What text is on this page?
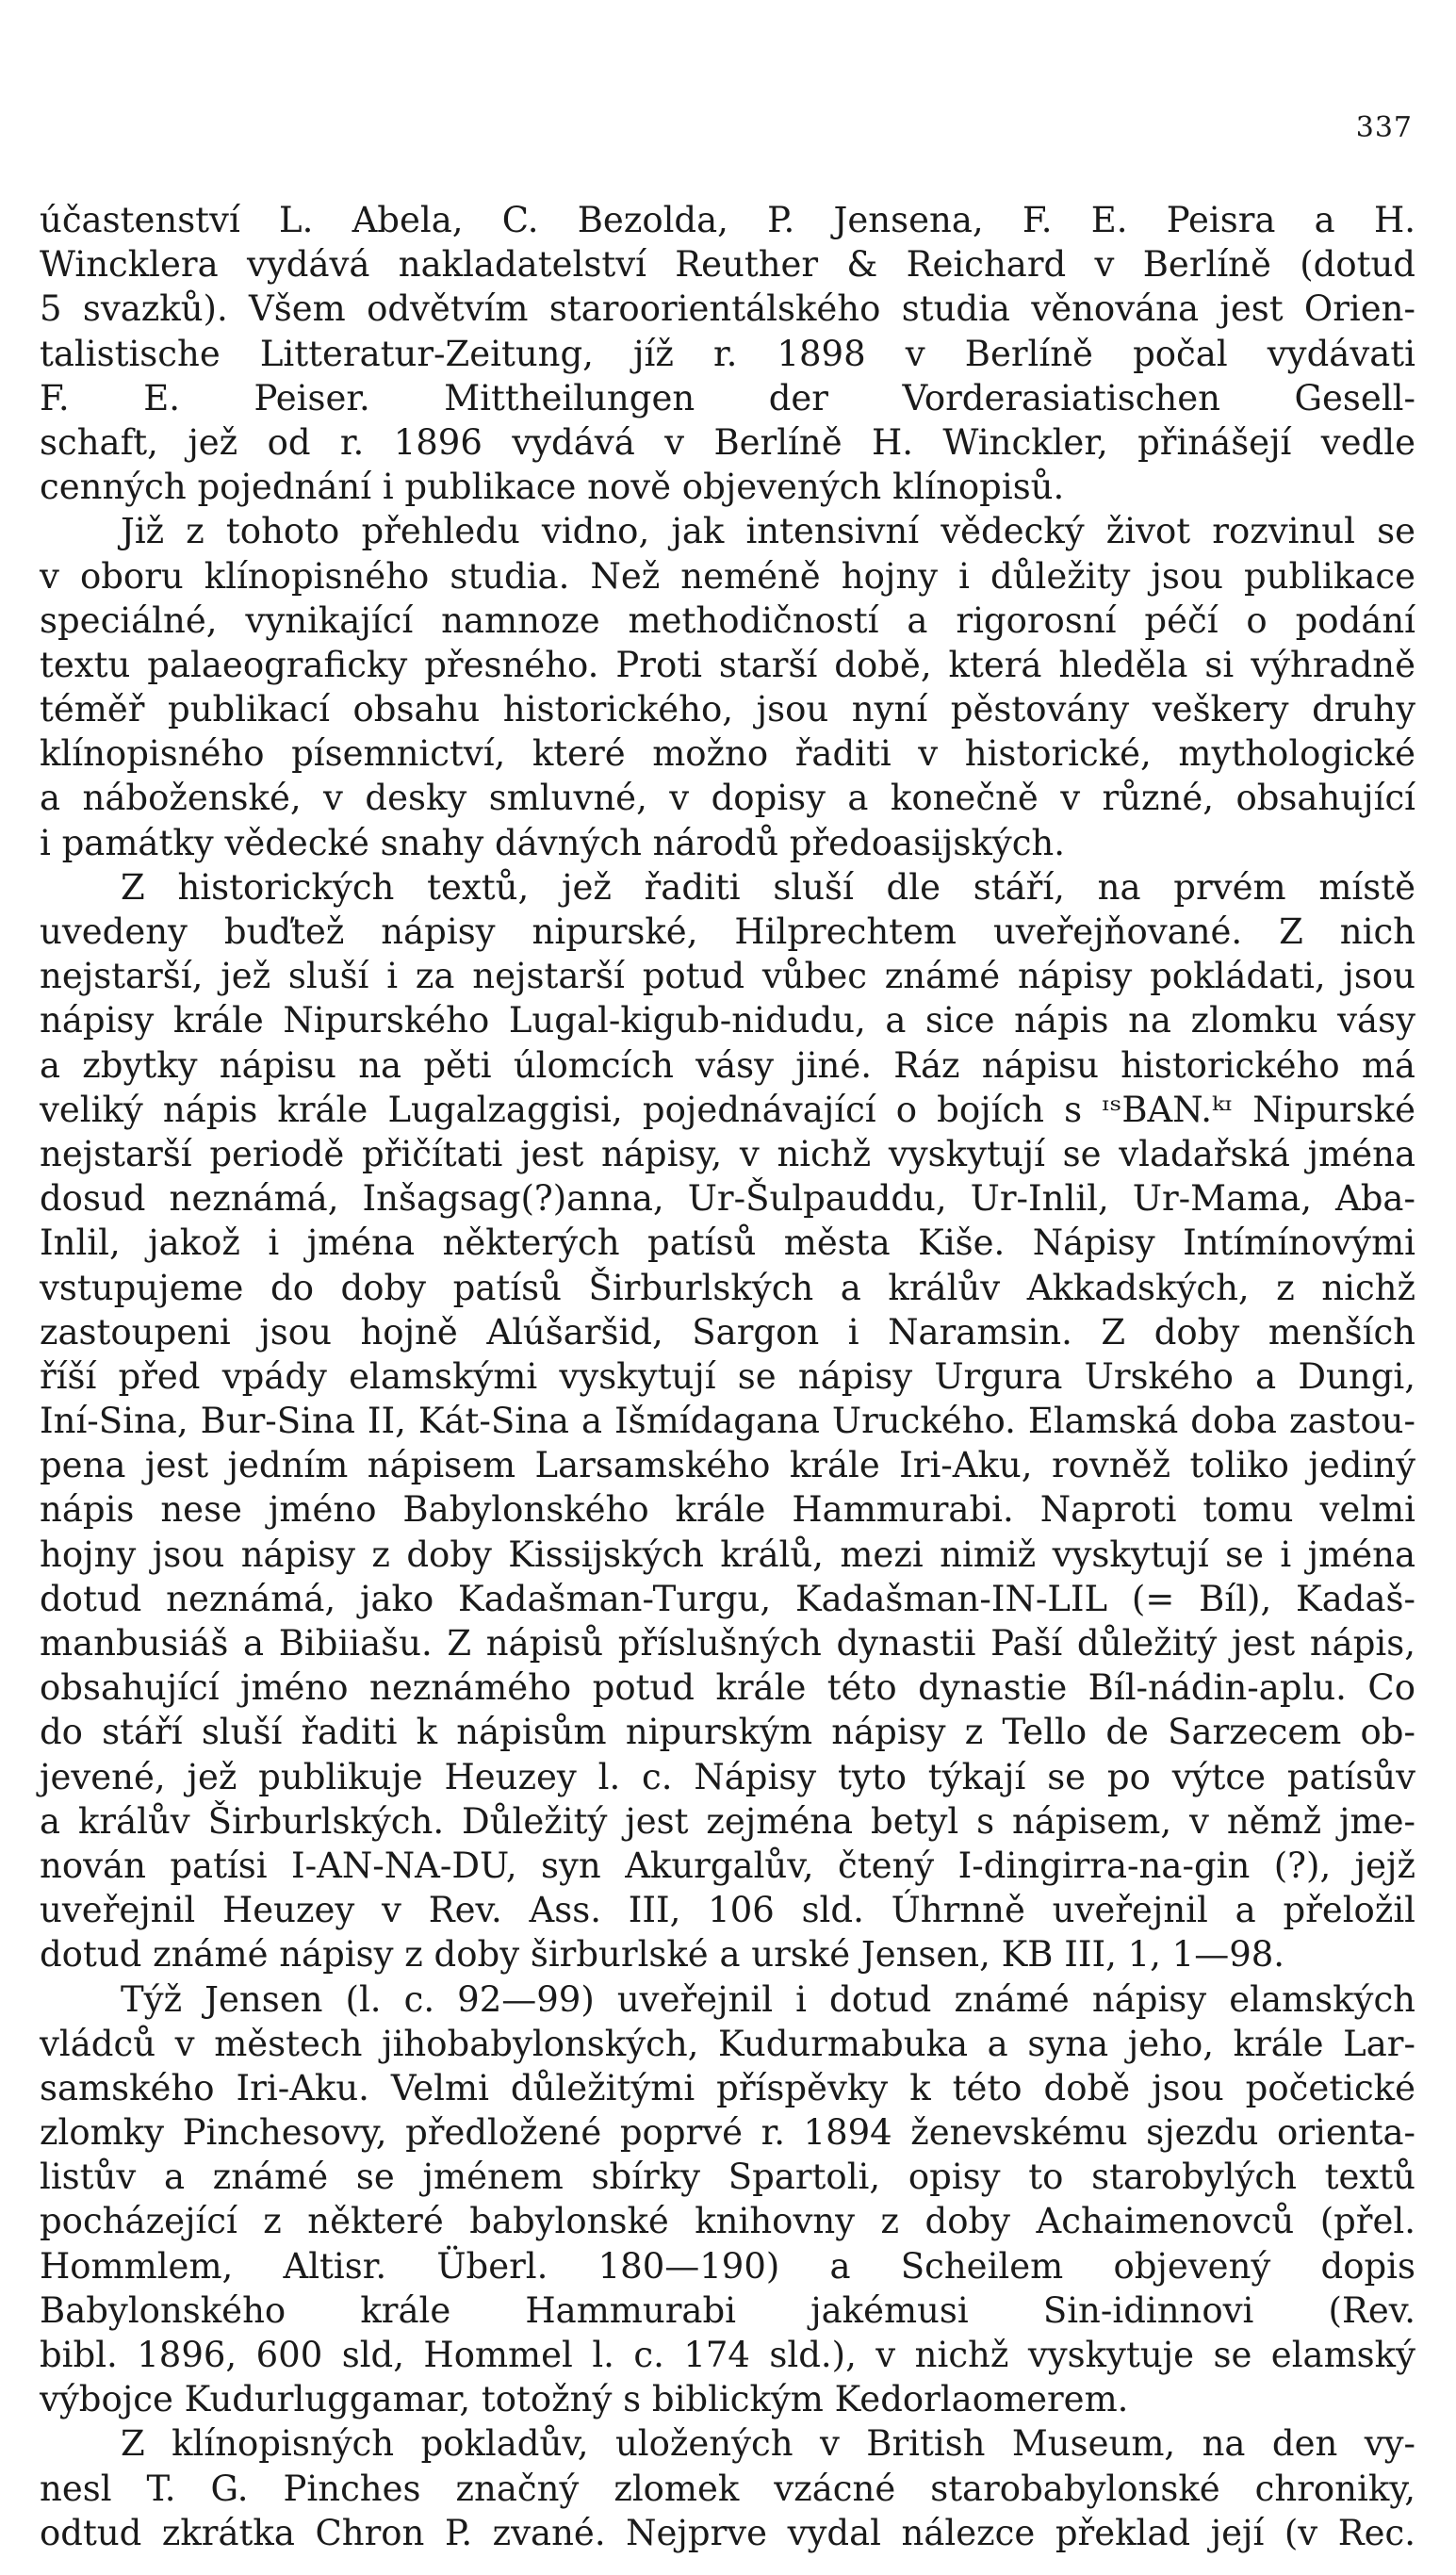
337
účastenství L. Abela, C. Bezolda, P. Jensena, F. E. Peisra a H.
Wincklera vydává nakladatelství Reuther & Reichard v Berlíně (dotud
5 svazků). Všem odvětvím staroorientálského studia věnována jest Orien-
talistische Litteratur-Zeitung, jíž r. 1898 v Berlíně počal vydávati
F. E. Peiser. Mittheilungen der Vorderasiatischen Gesell-
schaft, jež od r. 1896 vydává v Berlíně H. Winckler, přinášejí vedle
cenných pojednání i publikace nově objevených klínopisů.
Již z tohoto přehledu vidno, jak intensivní vědecký život rozvinul se
v oboru klínopisného studia. Než neméně hojny i důležity jsou publikace
speciálné, vynikající namnoze methodičností a rigorosní péčí o podání
textu palaeograficky přesného. Proti starší době, která hleděla si výhradně
téměř publikací obsahu historického, jsou nyní pěstovány veškery druhy
klínopisného písemnictví, které možno řaditi v historické, mythologické
a náboženské, v desky smluvné, v dopisy a konečně v různé, obsahující
i památky vědecké snahy dávných národů předoasijských.
Z historických textů, jež řaditi sluší dle stáří, na prvém místě
uvedeny buďtež nápisy nipurské, Hilprechtem uveřejňované. Z nich
nejstarší, jež sluší i za nejstarší potud vůbec známé nápisy pokládati, jsou
nápisy krále Nipurského Lugal-kigub-nidudu, a sice nápis na zlomku vásy
a zbytky nápisu na pěti úlomcích vásy jiné. Ráz nápisu historického má
veliký nápis krále Lugalzaggisi, pojednávající o bojích s ᶦˢBAN.ᵏᶦ Nipurské
nejstarší periodě přičítati jest nápisy, v nichž vyskytují se vladařská jména
dosud neznámá, Inšagsag(?)anna, Ur-Šulpauddu, Ur-Inlil, Ur-Mama, Aba-
Inlil, jakož i jména některých patísů města Kiše. Nápisy Intímínovými
vstupujeme do doby patísů Širburlských a králův Akkadských, z nichž
zastoupeni jsou hojně Alúšaršid, Sargon i Naramsin. Z doby menších
říší před vpády elamskými vyskytují se nápisy Urgura Urského a Dungi,
Iní-Sina, Bur-Sina II, Kát-Sina a Išmídagana Uruckého. Elamská doba zastou-
pena jest jedním nápisem Larsamského krále Iri-Aku, rovněž toliko jediný
nápis nese jméno Babylonského krále Hammurabi. Naproti tomu velmi
hojny jsou nápisy z doby Kissijských králů, mezi nimiž vyskytují se i jména
dotud neznámá, jako Kadašman-Turgu, Kadašman-IN-LIL (= Bíl), Kadaš-
manbusiáš a Bibiiašu. Z nápisů příslušných dynastii Paší důležitý jest nápis,
obsahující jméno neznámého potud krále této dynastie Bíl-nádin-aplu. Co
do stáří sluší řaditi k nápisům nipurským nápisy z Tello de Sarzecem ob-
jevené, jež publikuje Heuzey l. c. Nápisy tyto týkají se po výtce patísův
a králův Širburlských. Důležitý jest zejména betyl s nápisem, v němž jme-
nován patísi I-AN-NA-DU, syn Akurgalův, čtený I-dingirra-na-gin (?), jejž
uveřejnil Heuzey v Rev. Ass. III, 106 sld. Úhrnně uveřejnil a přeložil
dotud známé nápisy z doby širburlské a urské Jensen, KB III, 1, 1—98.
Týž Jensen (l. c. 92—99) uveřejnil i dotud známé nápisy elamských
vládců v městech jihobabylonských, Kudurmabuka a syna jeho, krále Lar-
samského Iri-Aku. Velmi důležitými příspěvky k této době jsou početické
zlomky Pinchesovy, předložené poprvé r. 1894 ženevskému sjezdu orienta-
listův a známé se jménem sbírky Spartoli, opisy to starobylých textů
pocházející z některé babylonské knihovny z doby Achaimenovců (přel.
Hommlem, Altisr. Überl. 180—190) a Scheilem objevený dopis
Babylonského krále Hammurabi jakémusi Sin-idinnovi (Rev.
bibl. 1896, 600 sld, Hommel l. c. 174 sld.), v nichž vyskytuje se elamský
výbojce Kudurluggamar, totožný s biblickým Kedorlaomerem.
Z klínopisných pokladův, uložených v British Museum, na den vy-
nesl T. G. Pinches značný zlomek vzácné starobabylonské chroniky,
odtud zkrátka Chron P. zvané. Nejprve vydal nálezce překlad její (v Rec.
